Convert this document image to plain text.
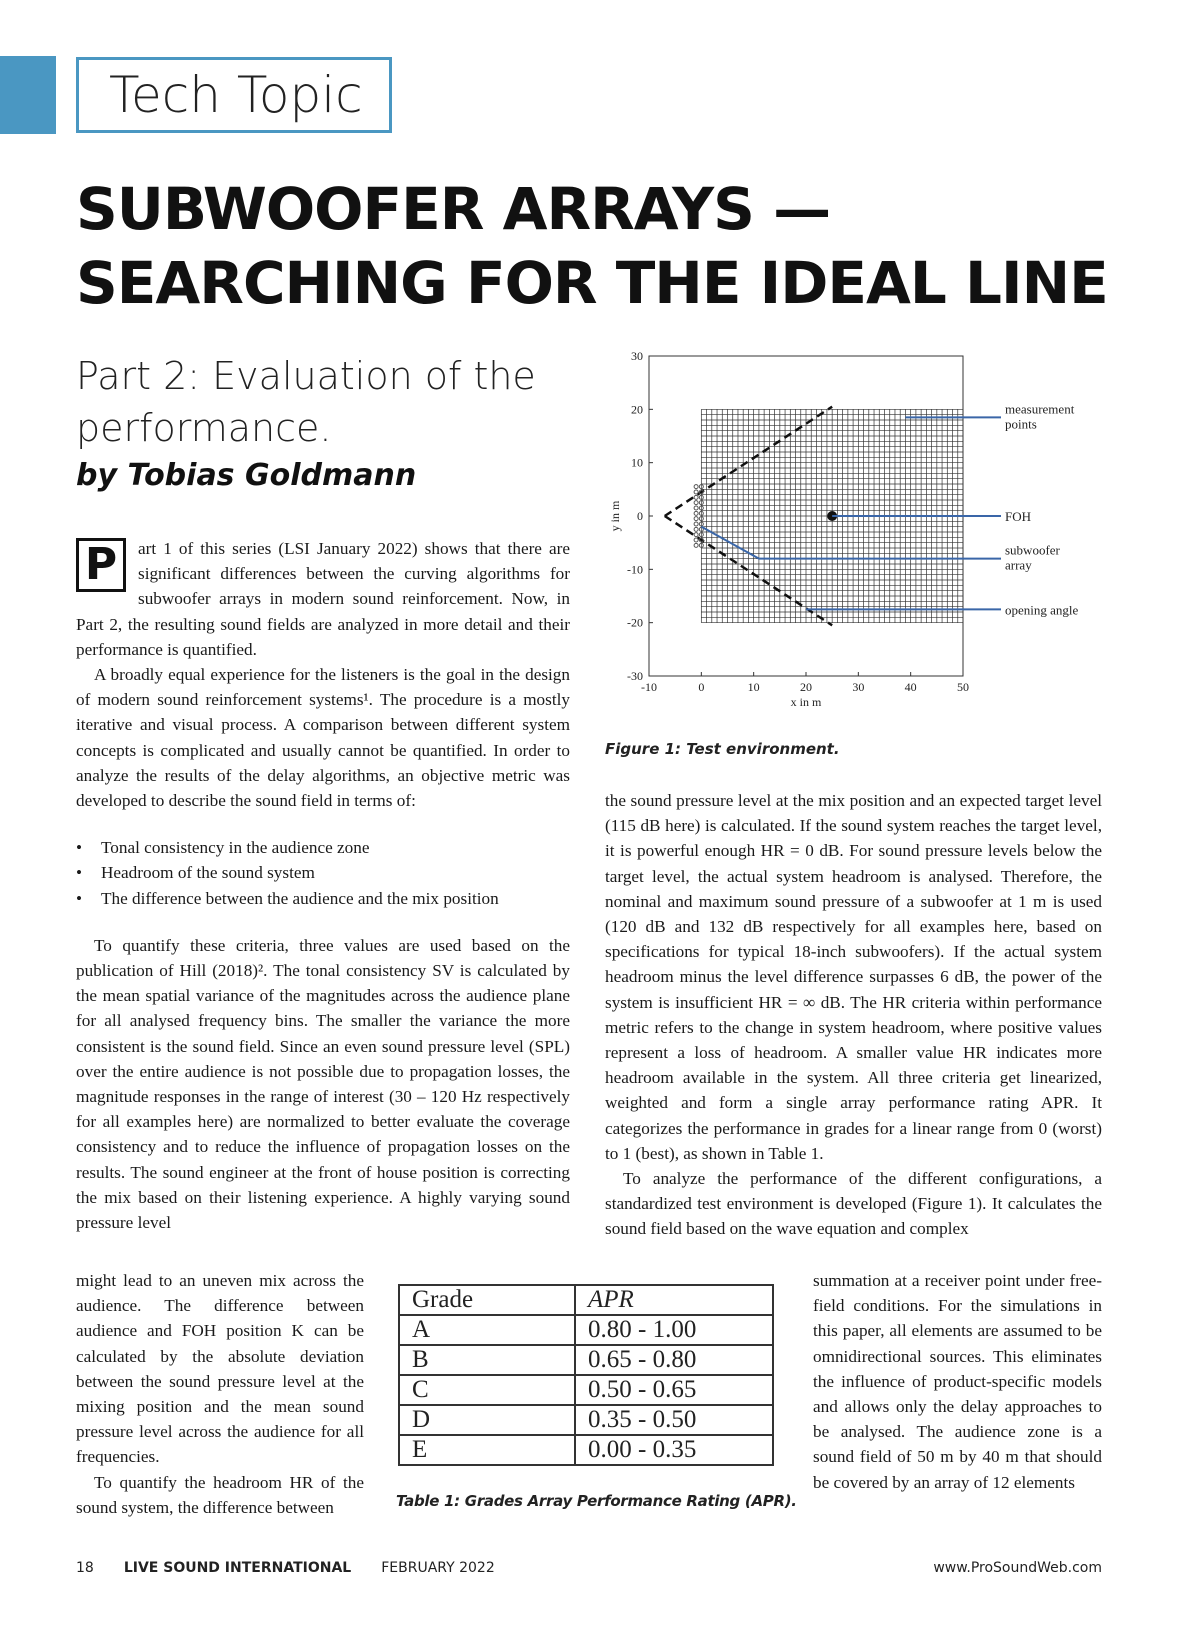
Tech Topic
SUBWOOFER ARRAYS —
SEARCHING FOR THE IDEAL LINE
Part 2: Evaluation of the performance.
by Tobias Goldmann

P	art 1 of this series (LSI January 2022) shows that there are significant differences between the curving algorithms for subwoofer arrays in modern sound reinforcement. Now, in Part 2, the resulting sound fields are analyzed in more detail and their performance is quantified.

A broadly equal experience for the listeners is the goal in the design of modern sound reinforcement systems¹. The procedure is a mostly iterative and visual process. A comparison between different system concepts is complicated and usually cannot be quantified. In order to analyze the results of the delay algorithms, an objective metric was developed to describe the sound field in terms of:

• Tonal consistency in the audience zone
• Headroom of the sound system
• The difference between the audience and the mix position

To quantify these criteria, three values are used based on the publication of Hill (2018)². The tonal consistency SV is calculated by the mean spatial variance of the magnitudes across the audience plane for all analysed frequency bins. The smaller the variance the more consistent is the sound field. Since an even sound pressure level (SPL) over the entire audience is not possible due to propagation losses, the magnitude responses in the range of interest (30 – 120 Hz respectively for all examples here) are normalized to better evaluate the coverage consistency and to reduce the influence of propagation losses on the results. The sound engineer at the front of house position is correcting the mix based on their listening experience. A highly varying sound pressure level

might lead to an uneven mix across the audience. The difference between audience and FOH position K can be calculated by the absolute deviation between the sound pressure level at the mixing position and the mean sound pressure level across the audience for all frequencies.

To quantify the headroom HR of the sound system, the difference between

-10	0	10	20	30	40	50
30
20
10
0
-10
-20
-30
measurement
points
FOH
subwoofer
array
opening angle
x in m
y in m
Figure 1: Test environment.

the sound pressure level at the mix position and an expected target level (115 dB here) is calculated. If the sound system reaches the target level, it is powerful enough HR = 0 dB. For sound pressure levels below the target level, the actual system headroom is analysed. Therefore, the nominal and maximum sound pressure of a subwoofer at 1 m is used (120 dB and 132 dB respectively for all examples here, based on specifications for typical 18-inch subwoofers). If the actual system headroom minus the level difference surpasses 6 dB, the power of the system is insufficient HR = ∞ dB. The HR criteria within performance metric refers to the change in system headroom, where positive values represent a loss of headroom. A smaller value HR indicates more headroom available in the system. All three criteria get linearized, weighted and form a single array performance rating APR. It categorizes the performance in grades for a linear range from 0 (worst) to 1 (best), as shown in Table 1.

To analyze the performance of the different configurations, a standardized test environment is developed (Figure 1). It calculates the sound field based on the wave equation and complex

Grade	APR
A	0.80 - 1.00
B	0.65 - 0.80
C	0.50 - 0.65
D	0.35 - 0.50
E	0.00 - 0.35
Table 1: Grades Array Performance Rating (APR).

summation at a receiver point under free-field conditions. For the simulations in this paper, all elements are assumed to be omnidirectional sources. This eliminates the influence of product-specific models and allows only the delay approaches to be analysed. The audience zone is a sound field of 50 m by 40 m that should be covered by an array of 12 elements

18 LIVE SOUND INTERNATIONAL FEBRUARY 2022	www.ProSoundWeb.com
